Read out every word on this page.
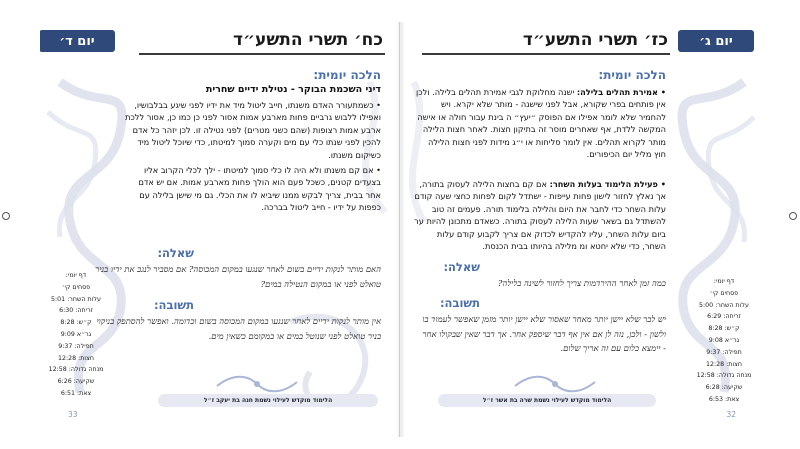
יום ד׳	כח׳ תשרי התשע״ד
הלכה יומית:
דיני השכמת הבוקר - נטילת ידיים שחרית
• כשמתעורר האדם משנתו, חייב ליטול מיד את ידיו לפני שיגע בבלבושיו, ואפילו ללבוש גרביים פחות מארבע אמות אסור לפני כן כמו כן, אסור ללכת ארבע אמות רצופות (שהם כשני מטרים) לפני נטילה זו. לכן יזהר כל אדם להכין לפני שנתו כלי עם מים וקערה סמוך למיטתו, כדי שיוכל ליטול מיד כשיקום משנתו.
• אם קם משנתו ולא היה לו כלי סמוך למיטתו - ילך לכלי הקרוב אליו בצעדים קטנים, כשכל פעם הוא הולך פחות מארבע אמות. אם יש אדם אחר בבית, צריך לבקש ממנו שיביא לו את הכלי. גם מי שישן בלילה עם כפפות על ידיו - חייב ליטול בברכה.
שאלה:
האם מותר לנקות ידיים בשום לאחר שנגעו במקום המכוסה? אם מסביר לנגב את ידיו בניר טואלט לפני או במקום הנטילה במים?
תשובה:
אין מותר לנקות ידיים לאחר שנגעו במקום המכוסה בשום וכדומה. ואפשר להסתפק בניקוי בניר טואלט לפני שנוטל במים או במקומם כשאין מים.
דף יומי:
פסחים קי׳
עלות השחר: 5:01
זריחה: 6:30
ק״ש: 8:28
גר״א 9:09
תפילה: 9:37
חצות: 12:28
מנחה גדולה: 12:58
שקיעה: 6:26
צאת: 6:51
הלימוד מוקדש לעילוי נשמת חנה בת יעקב ז״ל
33
יום ג׳
כז׳ תשרי התשע״ד
הלכה יומית:
• אמירת תהלים בלילה: ישנה מחלוקת לגבי אמירת תהלים בלילה. ולכן אין פותחים בפרי שקורא, אבל לפני שישנה - מותר שלא יקרא. ויש להחמיר שלא לומר אפילו אם הפוסק ״יעץ״ ה בינת עבור חולה או אישה המקשה ללדת, אף שאחרים מוסר זה בתיקון חצות. לאחר חצות הלילה מותר לקרוא תהלים. אין לומר סליחות או י״ג מידות לפני חצות הלילה חוץ מליל יום הכיפורים.
• פעילת הלימוד בעלות השחר: אם קם בחצות הלילה לעסוק בתורה, אך נאלץ לחזור לישון פחות עייפות - ישתדל לקום לפחות כחצי שעה קודם עלות השחר כדי לחבר את היום והלילה בלימוד תורה. פעמים זה טוב להשתדל גם בשאר שעות הלילה לעסוק בתורה. כשאדם מתכונן להיות ער ביום עלות השחר, עליו להקדיש לכדוק אם צריך לקבוע קודם עלות השחר, כדי שלא יחטא ומ מלילה בהיותו בבית הכנסת.
שאלה:
כמה זמן לאחר ההירדמות צריך לחזור לשינה בלילה?
תשובה:
יש לבר שלא יישן יותר מאחר שאסור שלא יישן יותר מזמן שאפשר לעמוד בו ולשון - ולכן, נזה לן אם אין אף דבר שיספק אחר. אך דבר שאין שבקולו אחר - יימצא כלום עם זה אריך שלום.
דף יומי:
פסחים קי׳
עלות השחר: 5:00
זריחה: 6:29
ק״ש: 8:28
גר״א 9:08
תפילה: 9:37
חצות: 12:28
מנחה גדולה: 12:58
שקיעה: 6:28
צאת: 6:53
הלימוד מוקדש לעילוי נשמת שרה בת אשר ז״ל
32
